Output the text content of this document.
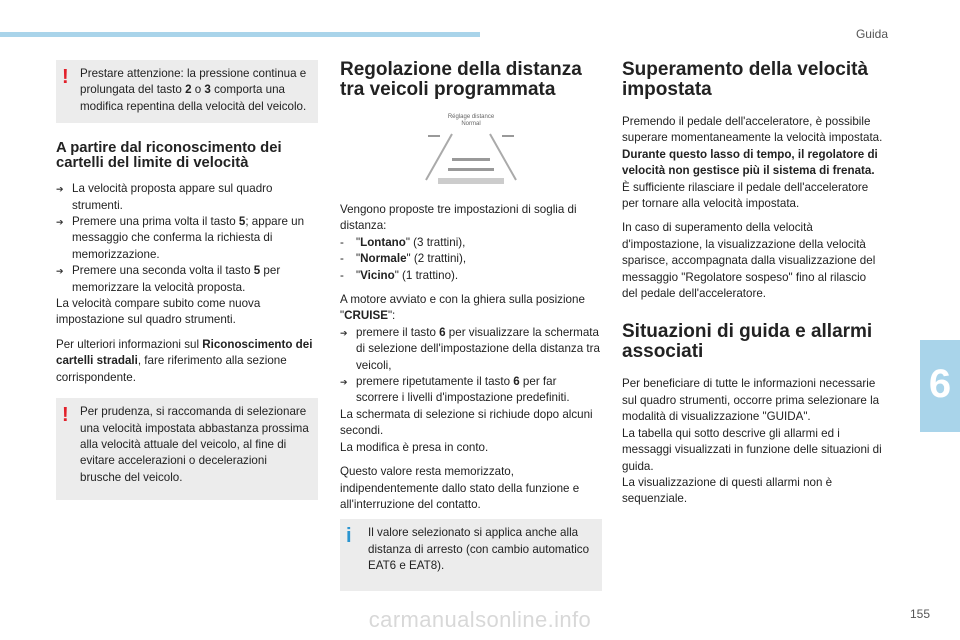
Guida
! Prestare attenzione: la pressione continua e prolungata del tasto 2 o 3 comporta una modifica repentina della velocità del veicolo.
A partire dal riconoscimento dei cartelli del limite di velocità
➔ La velocità proposta appare sul quadro strumenti.
➔ Premere una prima volta il tasto 5; appare un messaggio che conferma la richiesta di memorizzazione.
➔ Premere una seconda volta il tasto 5 per memorizzare la velocità proposta.

La velocità compare subito come nuova impostazione sul quadro strumenti.

Per ulteriori informazioni sul Riconoscimento dei cartelli stradali, fare riferimento alla sezione corrispondente.

! Per prudenza, si raccomanda di selezionare una velocità impostata abbastanza prossima alla velocità attuale del veicolo, al fine di evitare accelerazioni o decelerazioni brusche del veicolo.
Regolazione della distanza tra veicoli programmata
Réglage distance
Normal

Vengono proposte tre impostazioni di soglia di distanza:

- "Lontano" (3 trattini),
- "Normale" (2 trattini),
- "Vicino" (1 trattino).

A motore avviato e con la ghiera sulla posizione "CRUISE":

➔ premere il tasto 6 per visualizzare la schermata di selezione dell'impostazione della distanza tra veicoli,
➔ premere ripetutamente il tasto 6 per far scorrere i livelli d'impostazione predefiniti.

La schermata di selezione si richiude dopo alcuni secondi.

La modifica è presa in conto.

Questo valore resta memorizzato, indipendentemente dallo stato della funzione e all'interruzione del contatto.

i Il valore selezionato si applica anche alla distanza di arresto (con cambio automatico EAT6 e EAT8).
Superamento della velocità impostata

Premendo il pedale dell'acceleratore, è possibile superare momentaneamente la velocità impostata.
Durante questo lasso di tempo, il regolatore di velocità non gestisce più il sistema di frenata.
È sufficiente rilasciare il pedale dell'acceleratore per tornare alla velocità impostata.

In caso di superamento della velocità d'impostazione, la visualizzazione della velocità sparisce, accompagnata dalla visualizzazione del messaggio "Regolatore sospeso" fino al rilascio del pedale dell'acceleratore.

Situazioni di guida e allarmi associati

Per beneficiare di tutte le informazioni necessarie sul quadro strumenti, occorre prima selezionare la modalità di visualizzazione "GUIDA".
La tabella qui sotto descrive gli allarmi ed i messaggi visualizzati in funzione delle situazioni di guida.
La visualizzazione di questi allarmi non è sequenziale.

6
155
carmanualsonline.info
